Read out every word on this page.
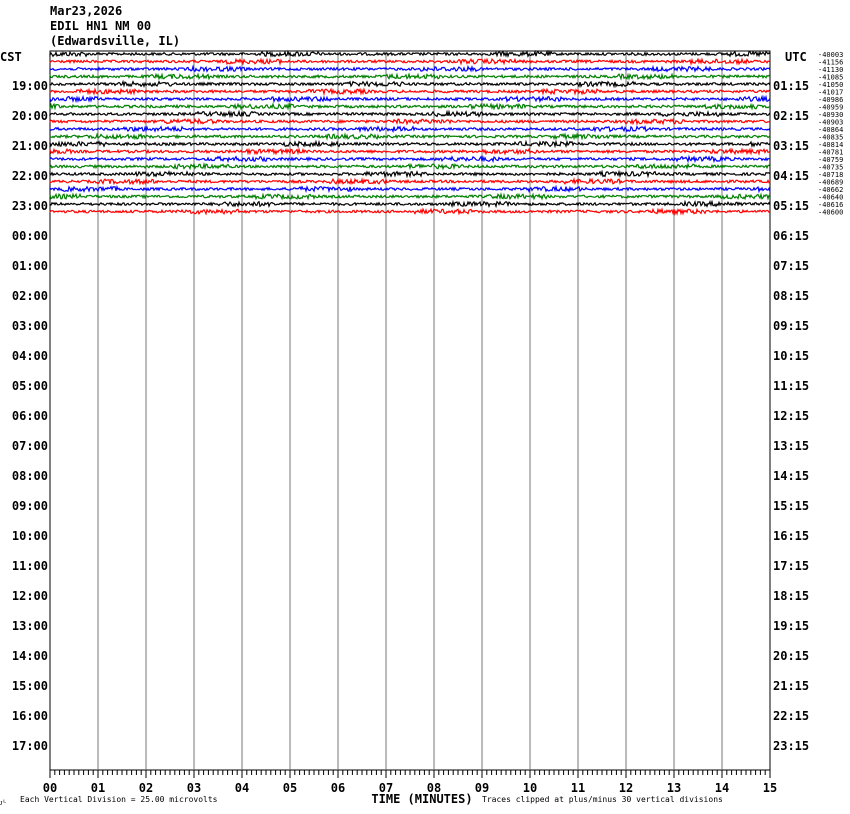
Mar23,2026
EDIL HN1 NM 00
(Edwardsville, IL)
00	01	02	03	04	05	06	07	08	09	10	11	12	13	14	15
CST	UTC
19:00
20:00
21:00
22:00
23:00
00:00
01:00
02:00
03:00
04:00
05:00
06:00
07:00
08:00
09:00
10:00
11:00
12:00
13:00
14:00
15:00
16:00
17:00
01:15
02:15
03:15
04:15
05:15
06:15
07:15
08:15
09:15
10:15
11:15
12:15
13:15
14:15
15:15
16:15
17:15
18:15
19:15
20:15
21:15
22:15
23:15
-40003
-41156
-41130
-41085
-41050
-41017
-40986
-40959
-40930
-40903
-40864
-40835
-40814
-40781
-40759
-40735
-40718
-40689
-40662
-40640
-40616
-40600
TIME (MINUTES)
Each Vertical Division = 25.00 microvolts	Traces clipped at plus/minus 30 vertical divisions
ᴊᴸ
